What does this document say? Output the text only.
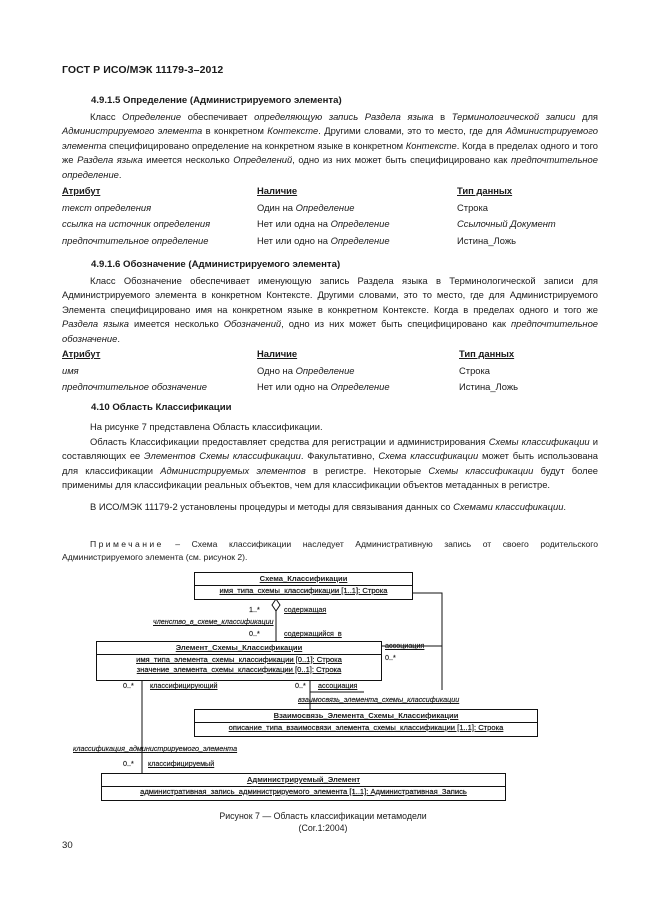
ГОСТ Р ИСО/МЭК 11179-3–2012
4.9.1.5 Определение (Администрируемого элемента)
Класс Определение обеспечивает определяющую запись Раздела языка в Терминологической записи для Администрируемого элемента в конкретном Контексте. Другими словами, это то место, где для Администрируемого элемента специфицировано определение на конкретном языке в конкретном Контексте. Когда в пределах одного и того же Раздела языка имеется несколько Определений, одно из них может быть специфицировано как предпочтительное определение.
Атрибут	Наличие	Тип данных
текст определения	Один на Определение	Строка
ссылка на источник определения	Нет или одна на Определение	Ссылочный Документ
предпочтительное определение	Нет или одно на Определение	Истина_Ложь
4.9.1.6 Обозначение (Администрируемого элемента)
Класс Обозначение обеспечивает именующую запись Раздела языка в Терминологической записи для Администрируемого элемента в конкретном Контексте. Другими словами, это то место, где для Администрируемого Элемента специфицировано имя на конкретном языке в конкретном Контексте. Когда в пределах одного и того же Раздела языка имеется несколько Обозначений, одно из них может быть специфицировано как предпочтительное обозначение.
Атрибут	Наличие	Тип данных
имя	Одно на Определение	Строка
предпочтительное обозначение	Нет или одно на Определение	Истина_Ложь
4.10 Область Классификации
На рисунке 7 представлена Область классификации.
Область Классификации предоставляет средства для регистрации и администрирования Схемы классификации и составляющих ее Элементов Схемы классификации. Факультативно, Схема классификации может быть использована для классификации Администрируемых элементов в регистре. Некоторые Схемы классификации будут более применимы для классификации реальных объектов, чем для классификации объектов метаданных в регистре.
В ИСО/МЭК 11179-2 установлены процедуры и методы для связывания данных со Схемами классификации.
Примечание – Схема классификации наследует Административную запись от своего родительского Администрируемого элемента (см. рисунок 2).
Схема_Классификации
имя_типа_схемы_классификации [1..1]: Строка
1..*	содержащая
членство_в_схеме_классификации
0..*	содержащийся_в
ассоциация
0..*
Элемент_Схемы_Классификации
имя_типа_элемента_схемы_классификации [0..1]: Строка
значение_элемента_схемы_классификации [0..1]: Строка
0..* классифицирующий	0..* ассоциация
взаимосвязь_элемента_схемы_классификации
Взаимосвязь_Элемента_Схемы_Классификации
описание_типа_взаимосвязи_элемента_схемы_классификации [1..1]: Строка
классификация_администрируемого_элемента
0..* классифицируемый
Администрируемый_Элемент
административная_запись_администрируемого_элемента [1..1]: Административная_Запись
Рисунок 7 — Область классификации метамодели
(Cor.1:2004)
30
